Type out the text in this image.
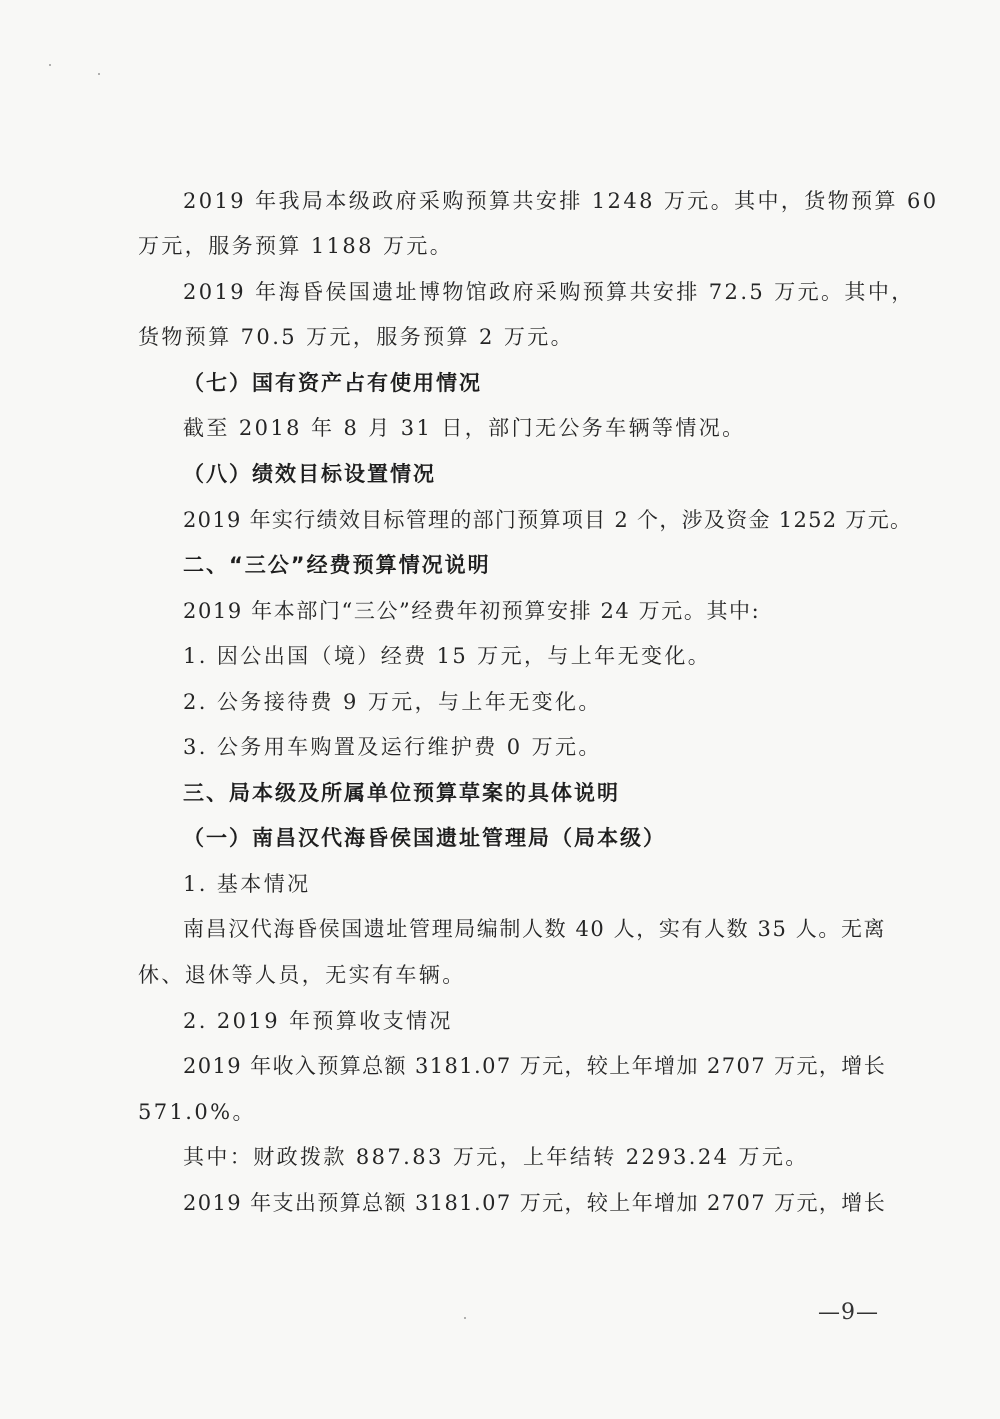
2019 年我局本级政府采购预算共安排 1248 万元。其中，货物预算 60
万元，服务预算 1188 万元。
2019 年海昏侯国遗址博物馆政府采购预算共安排 72.5 万元。其中，
货物预算 70.5 万元，服务预算 2 万元。
（七）国有资产占有使用情况
截至 2018 年 8 月 31 日，部门无公务车辆等情况。
（八）绩效目标设置情况
2019 年实行绩效目标管理的部门预算项目 2 个，涉及资金 1252 万元。
二、“三公”经费预算情况说明
2019 年本部门“三公”经费年初预算安排 24 万元。其中:
1. 因公出国（境）经费 15 万元，与上年无变化。
2. 公务接待费 9 万元，与上年无变化。
3. 公务用车购置及运行维护费 0 万元。
三、局本级及所属单位预算草案的具体说明
（一）南昌汉代海昏侯国遗址管理局（局本级）
1. 基本情况
南昌汉代海昏侯国遗址管理局编制人数 40 人，实有人数 35 人。无离
休、退休等人员，无实有车辆。
2. 2019 年预算收支情况
2019 年收入预算总额 3181.07 万元，较上年增加 2707 万元，增长
571.0%。
其中：财政拨款 887.83 万元，上年结转 2293.24 万元。
2019 年支出预算总额 3181.07 万元，较上年增加 2707 万元，增长
—9—
